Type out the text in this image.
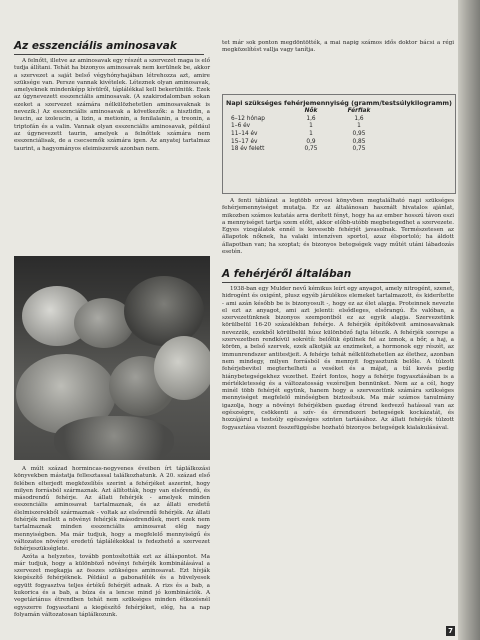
Az esszenciális aminosavak

A felnőtt, illetve az aminosavak egy részét a szervezet maga is elő tudja állítani. Tehát ha bizonyos aminosavak nem kerülnek be, akkor a szervezet a saját belső végyhónyhajában létrehozza azt, amire szüksége van. Persze vannak kivételek. Léteznek olyan aminosavak, amelyeknek mindenképp kívülről, táplálékkal kell bekerülniük. Ezek az úgynevezett esszenciális aminosavak. (A szakirodalomban sokan ezeket a szervezet számára nélkülözhetetlen aminosavaknak is nevezik.) Az esszenciális aminosavak a következők: a hisztidin, a leucin, az izoleucin, a lizin, a metionin, a fenilalanin, a treonin, a triptofán és a valin. Vannak olyan esszenciális aminosavak, például az úgynevezett taurin, amelyek a felnőttek számára nem esszenciálisak, de a csecsemők számára igen. Az anyatej tartalmaz taurint, a hagyományos eleimiszerek azonban nem.

A múlt század hormincas-negyvenes éveiben írt táplálkozási könyvekben mástatja fellesztassal találkozhatunk. A 20. század első felében elterjedt megközelítés szerint a fehérjéket aszerint, hogy milyen forrásból származnak. Azt állították, hogy van elsőrendű, és másodrendű fehérje. Az állati fehérjék - amelyek minden esszenciális aminosavat tartalmaznak, és az állati eredetű élelmiszerekből származnak - voltak az elsőrendű fehérjék. Az állati fehérjék mellett a növényi fehérjék másodrendűek, mert ezek nem tartalmaznak minden esszenciális aminosavat elég nagy mennyiségben. Ma már tudjuk, hogy a megfelelő mennyiségű és változatos növényi eredetű táplálékokkal is fedezhető a szervezet fehérjeszükséglete.

Azóta a helyzetes, tovább pontosították ezt az álláspontot. Ma már tudjuk, hogy a különböző növényi fehérjék kombinálásával a szervezet megkapja az összes szükséges aminosavat. Ezt hívják kiegészítő fehérjéknek. Például a gabonafélék és a hüvelyesek együtt fogyasztva teljes értékű fehérjét adnak. A rizs és a bab, a kukorica és a bab, a búza és a lencse mind jó kombinációk. A vegetáriánus étrendben tehát nem szükséges minden étkezésnél egyszerre fogyasztani a kiegészítő fehérjéket, elég, ha a nap folyamán változatosan táplálkozunk.

tet már sok ponton megdöntötték, a mai napig számos idős doktor bácsi a régi megközelítést vallja vagy tanítja.

Napi szükséges fehérjemennyiség (gramm/testsúlykilogramm)
	Nők	Férfiak
6–12 hónap	1,6	1,6
1–6 év	1	1
11–14 év	1	0,95
15–17 év	0,9	0,85
18 év felett	0,75	0,75

A fenti táblázat a legtöbb orvosi könyvben megtalálható napi szükséges fehérjemennyiséget mutatja. Ez az általánosan használt hivatalos ajánlat, mikozben számos kutatás arra derített fényt, hogy ha az ember hosszú távon eszi a mennyiséget tartja szem előtt, akkor előbb-utóbb megbetegedhet a szervezete. Egyes vizsgálatok ennél is kevesebb fehérjét javasolnak. Természetesen az állapotok nőknek, ha valaki intenzíven sportol, azaz élsportoló; ha áldott állapotban van; ha szoptat; és bizonyos betegségek vagy műtét utáni lábadozás esetén.

A fehérjéről általában

1938-ban egy Mulder nevű kémikus leírt egy anyagot, amely nitrogént, szenet, hidrogént és oxigént, plusz egyéb járulékos elemeket tartalmazott, és kiderítette - ami azán később be is bizonyosult -, hogy ez az élet alapja. Proteinnek nevezte el ezt az anyagot, ami azt jelenti: elsődleges, elsőrangú. És valóban, a szervezetünknek bizonyos szempontból ez az egyik alapja. Szervezetünk körülbelül 16-20 százalékban fehérje. A fehérjék építőköveit aminosavaknak nevezzük, ezekből körülbelül húsz különböző fajta létezik. A fehérjék szerepe a szervezetben rendkívül sokrétű: belőlük épülnek fel az izmok, a bőr, a haj, a köröm, a belső szervek, ezek alkotják az enzimeket, a hormonok egy részét, az immunrendszer antitestjeit. A fehérje tehát nélkülözhetetlen az élethez, azonban nem mindegy, milyen forrásból és mennyit fogyasztunk belőle. A túlzott fehérjebevitel megterhelheti a veséket és a májat, a túl kevés pedig hiánybetegségekhez vezethet. Ezért fontos, hogy a fehérje fogyasztásában is a mértékletesség és a változatosság vezéreljen bennünket. Nem az a cél, hogy minél több fehérjét együnk, hanem hogy a szervezetünk számára szükséges mennyiséget megfelelő minőségben biztosítsuk. Ma már számos tanulmány igazolja, hogy a növényi fehérjékben gazdag étrend kedvező hatással van az egészségre, csökkenti a szív- és érrendszeri betegségek kockázatát, és hozzájárul a testsúly egészséges szinten tartásához. Az állati fehérjék túlzott fogyasztása viszont összefüggésbe hozható bizonyos betegségek kialakulásával.

7
